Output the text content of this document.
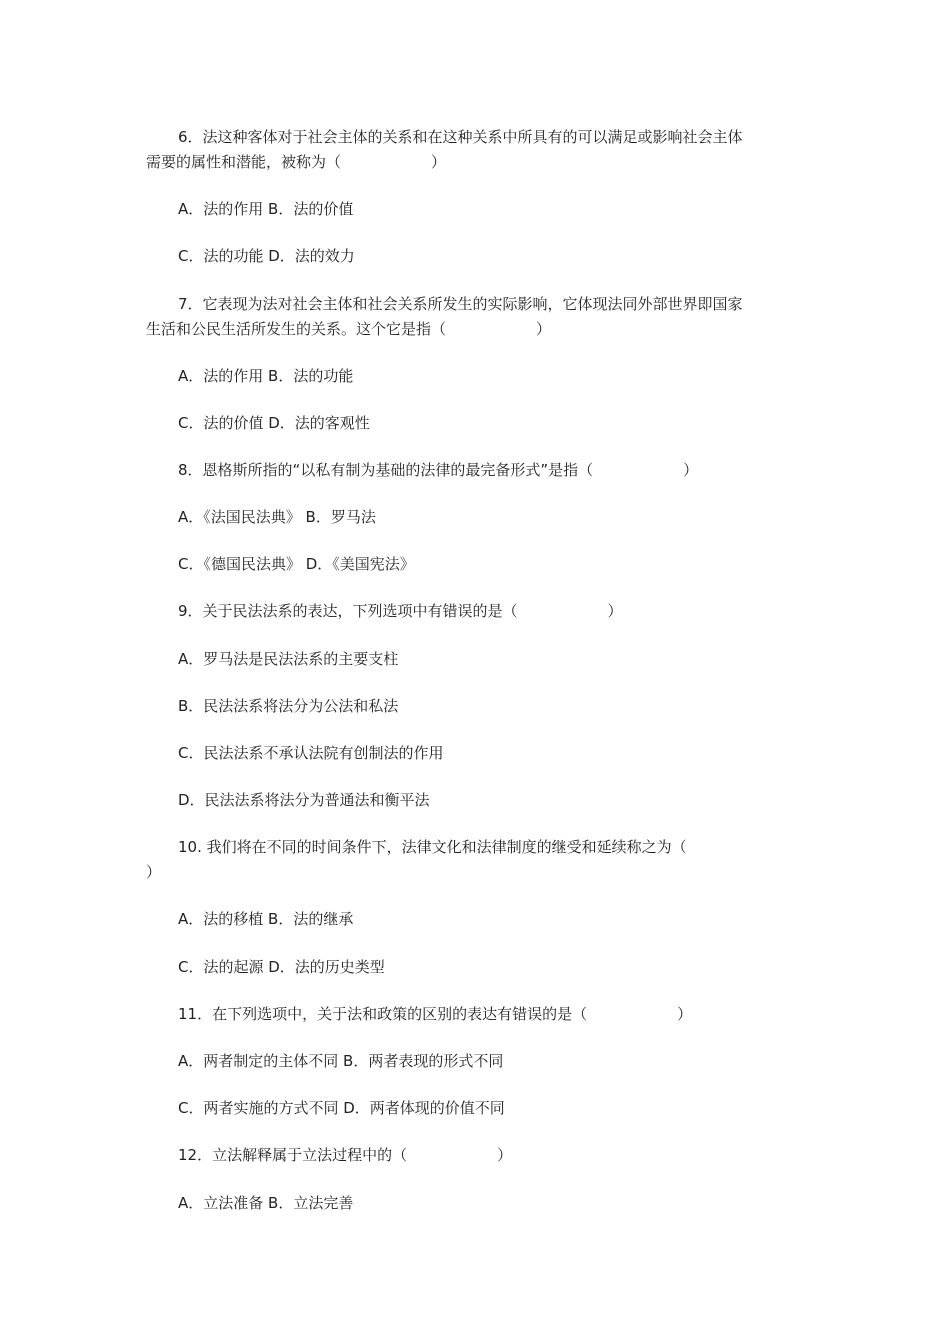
6．法这种客体对于社会主体的关系和在这种关系中所具有的可以满足或影响社会主体
需要的属性和潜能，被称为（　　　　　　）
A．法的作用 B．法的价值
C．法的功能 D．法的效力
7．它表现为法对社会主体和社会关系所发生的实际影响，它体现法同外部世界即国家
生活和公民生活所发生的关系。这个它是指（　　　　　　）
A．法的作用 B．法的功能
C．法的价值 D．法的客观性
8．恩格斯所指的“以私有制为基础的法律的最完备形式”是指（　　　　　　）
A．《法国民法典》 B．罗马法
C．《德国民法典》 D．《美国宪法》
9．关于民法法系的表达，下列选项中有错误的是（　　　　　　）
A．罗马法是民法法系的主要支柱
B．民法法系将法分为公法和私法
C．民法法系不承认法院有创制法的作用
D．民法法系将法分为普通法和衡平法
10. 我们将在不同的时间条件下，法律文化和法律制度的继受和延续称之为（
）
A．法的移植 B．法的继承
C．法的起源 D．法的历史类型
11．在下列选项中，关于法和政策的区别的表达有错误的是（　　　　　　）
A．两者制定的主体不同 B．两者表现的形式不同
C．两者实施的方式不同 D．两者体现的价值不同
12．立法解释属于立法过程中的（　　　　　　）
A．立法准备 B．立法完善
